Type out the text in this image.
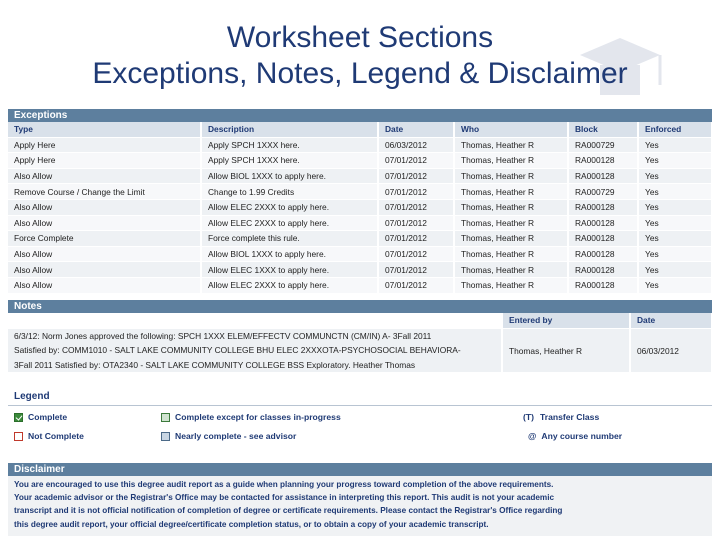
Worksheet Sections
Exceptions, Notes, Legend & Disclaimer
Exceptions
Type	Description	Date	Who	Block	Enforced
Apply Here	Apply SPCH 1XXX here.	06/03/2012	Thomas, Heather R	RA000729	Yes
Apply Here	Apply SPCH 1XXX here.	07/01/2012	Thomas, Heather R	RA000128	Yes
Also Allow	Allow BIOL 1XXX to apply here.	07/01/2012	Thomas, Heather R	RA000128	Yes
Remove Course / Change the Limit	Change to 1.99 Credits	07/01/2012	Thomas, Heather R	RA000729	Yes
Also Allow	Allow ELEC 2XXX to apply here.	07/01/2012	Thomas, Heather R	RA000128	Yes
Also Allow	Allow ELEC 2XXX to apply here.	07/01/2012	Thomas, Heather R	RA000128	Yes
Force Complete	Force complete this rule.	07/01/2012	Thomas, Heather R	RA000128	Yes
Also Allow	Allow BIOL 1XXX to apply here.	07/01/2012	Thomas, Heather R	RA000128	Yes
Also Allow	Allow ELEC 1XXX to apply here.	07/01/2012	Thomas, Heather R	RA000128	Yes
Also Allow	Allow ELEC 2XXX to apply here.	07/01/2012	Thomas, Heather R	RA000128	Yes
Notes
	Entered by	Date

6/3/12: Norm Jones approved the following: SPCH 1XXX ELEM/EFFECTV COMMUNCTN (CM/IN) A- 3Fall 2011
Satisfied by: COMM1010 - SALT LAKE COMMUNITY COLLEGE BHU ELEC 2XXXOTA-PSYCHOSOCIAL BEHAVIORA-
3Fall 2011 Satisfied by: OTA2340 - SALT LAKE COMMUNITY COLLEGE BSS Exploratory. Heather Thomas	Thomas, Heather R	06/03/2012
Legend
Complete	Complete except for classes in-progress	(T) Transfer Class
Not Complete	Nearly complete - see advisor	@ Any course number
Disclaimer
You are encouraged to use this degree audit report as a guide when planning your progress toward completion of the above requirements.
Your academic advisor or the Registrar's Office may be contacted for assistance in interpreting this report. This audit is not your academic
transcript and it is not official notification of completion of degree or certificate requirements. Please contact the Registrar's Office regarding
this degree audit report, your official degree/certificate completion status, or to obtain a copy of your academic transcript.
